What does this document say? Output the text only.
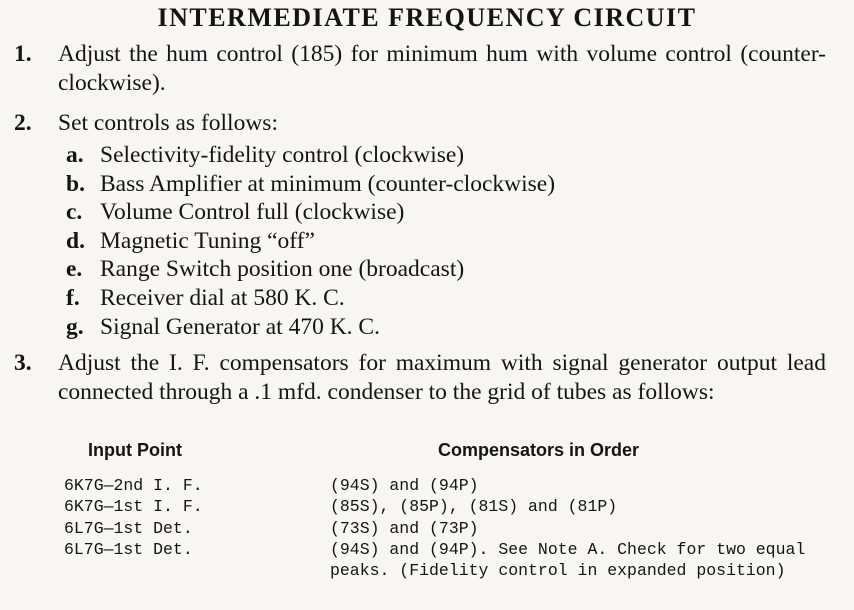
INTERMEDIATE FREQUENCY CIRCUIT
1. Adjust the hum control (185) for minimum hum with volume control (counter-clockwise).
2. Set controls as follows:
a. Selectivity-fidelity control (clockwise)
b. Bass Amplifier at minimum (counter-clockwise)
c. Volume Control full (clockwise)
d. Magnetic Tuning “off”
e. Range Switch position one (broadcast)
f. Receiver dial at 580 K. C.
g. Signal Generator at 470 K. C.
3. Adjust the I. F. compensators for maximum with signal generator output lead connected through a .1 mfd. condenser to the grid of tubes as follows:
Input Point	Compensators in Order
6K7G—2nd I. F.	(94S) and (94P)
6K7G—1st I. F.	(85S), (85P), (81S) and (81P)
6L7G—1st Det.	(73S) and (73P)
6L7G—1st Det.	(94S) and (94P). See Note A. Check for two equal peaks. (Fidelity control in expanded position)
